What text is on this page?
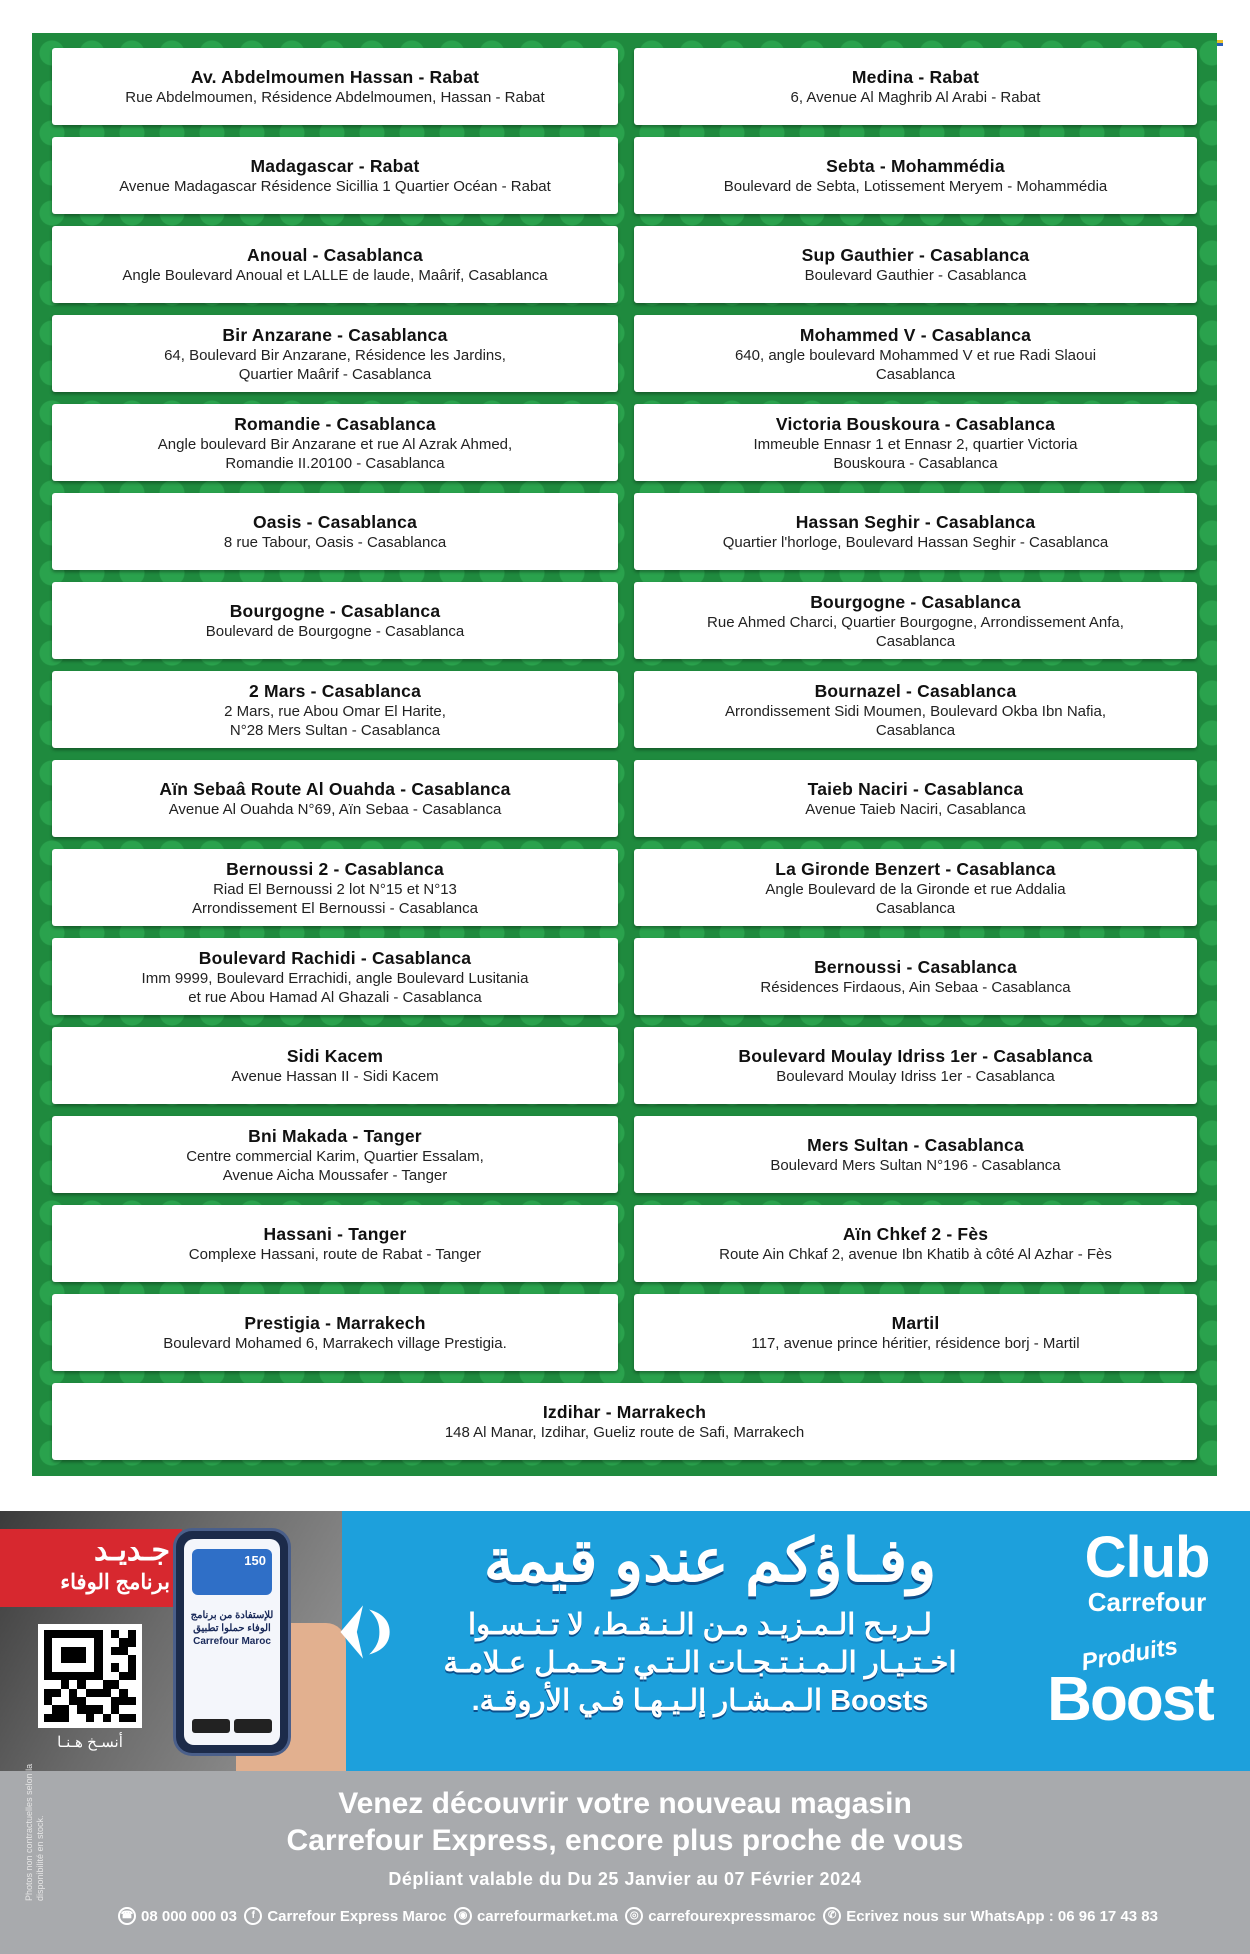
Av. Abdelmoumen Hassan - Rabat
Rue Abdelmoumen, Résidence Abdelmoumen, Hassan - Rabat
Medina - Rabat
6, Avenue Al Maghrib Al Arabi - Rabat
Madagascar - Rabat
Avenue Madagascar Résidence Sicillia 1 Quartier Océan - Rabat
Sebta - Mohammédia
Boulevard de Sebta, Lotissement Meryem - Mohammédia
Anoual - Casablanca
Angle Boulevard Anoual et LALLE de laude, Maârif, Casablanca
Sup Gauthier - Casablanca
Boulevard Gauthier - Casablanca
Bir Anzarane - Casablanca
64, Boulevard Bir Anzarane, Résidence les Jardins,
Quartier Maârif - Casablanca
Mohammed V - Casablanca
640, angle boulevard Mohammed V et rue Radi Slaoui
Casablanca
Romandie - Casablanca
Angle boulevard Bir Anzarane et rue Al Azrak Ahmed,
Romandie II.20100 - Casablanca
Victoria Bouskoura - Casablanca
Immeuble Ennasr 1 et Ennasr 2, quartier Victoria
Bouskoura - Casablanca
Oasis - Casablanca
8 rue Tabour, Oasis - Casablanca
Hassan Seghir - Casablanca
Quartier l'horloge, Boulevard Hassan Seghir - Casablanca
Bourgogne - Casablanca
Boulevard de Bourgogne - Casablanca
Bourgogne - Casablanca
Rue Ahmed Charci, Quartier Bourgogne, Arrondissement Anfa,
Casablanca
2 Mars - Casablanca
2 Mars, rue Abou Omar El Harite,
N°28 Mers Sultan - Casablanca
Bournazel - Casablanca
Arrondissement Sidi Moumen, Boulevard Okba Ibn Nafia,
Casablanca
Aïn Sebaâ Route Al Ouahda - Casablanca
Avenue Al Ouahda N°69, Aïn Sebaa - Casablanca
Taieb Naciri - Casablanca
Avenue Taieb Naciri, Casablanca
Bernoussi 2 - Casablanca
Riad El Bernoussi 2 lot N°15 et N°13
Arrondissement El Bernoussi - Casablanca
La Gironde Benzert - Casablanca
Angle Boulevard de la Gironde et rue Addalia
Casablanca
Boulevard Rachidi - Casablanca
Imm 9999, Boulevard Errachidi, angle Boulevard Lusitania
et rue Abou Hamad Al Ghazali - Casablanca
Bernoussi - Casablanca
Résidences Firdaous, Ain Sebaa - Casablanca
Sidi Kacem
Avenue Hassan II - Sidi Kacem
Boulevard Moulay Idriss 1er - Casablanca
Boulevard Moulay Idriss 1er - Casablanca
Bni Makada - Tanger
Centre commercial Karim, Quartier Essalam,
Avenue Aicha Moussafer - Tanger
Mers Sultan - Casablanca
Boulevard Mers Sultan N°196 - Casablanca
Hassani - Tanger
Complexe Hassani, route de Rabat - Tanger
Aïn Chkef 2 - Fès
Route Ain Chkaf 2, avenue Ibn Khatib à côté Al Azhar - Fès
Prestigia - Marrakech
Boulevard Mohamed 6, Marrakech village Prestigia.
Martil
117, avenue prince héritier, résidence borj - Martil
Izdihar - Marrakech
148 Al Manar, Izdihar, Gueliz route de Safi, Marrakech
جـديـد
برنامج الوفاء
أنسـخ هـنـا
150
للإستفادة من برنامج الوفاء حملوا تطبيق Carrefour Maroc
وفـاؤكم عندو قيمة
لـربـح الـمـزيـد مـن الـنـقـط، لا تـنـسـوا
اخـتـيـار الـمـنـتـجـات الـتـي تـحـمـل عـلامـة
Boosts الـمـشـار إلـيـهـا فـي الأروقـة.
Club
Carrefour
Produits
Boost
Photos non contractuelles selon la disponibilité en stock.
Venez découvrir votre nouveau magasin
Carrefour Express, encore plus proche de vous
Dépliant valable du Du 25 Janvier au 07 Février 2024
☎ 08 000 000 03	f Carrefour Express Maroc	◉ carrefourmarket.ma	◎ carrefourexpressmaroc	✆ Ecrivez nous sur WhatsApp : 06 96 17 43 83
